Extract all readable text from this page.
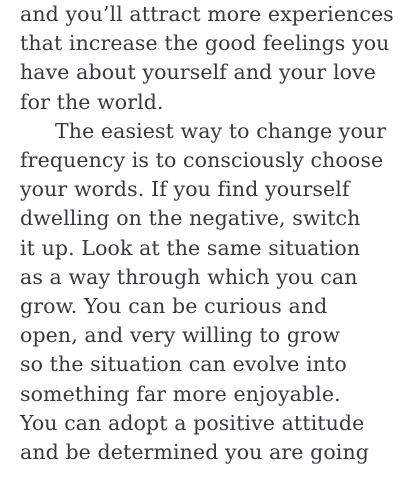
and you’ll attract more experiences
that increase the good feelings you
have about yourself and your love
for the world.
The easiest way to change your
frequency is to consciously choose
your words. If you find yourself
dwelling on the negative, switch
it up. Look at the same situation
as a way through which you can
grow. You can be curious and
open, and very willing to grow
so the situation can evolve into
something far more enjoyable.
You can adopt a positive attitude
and be determined you are going
